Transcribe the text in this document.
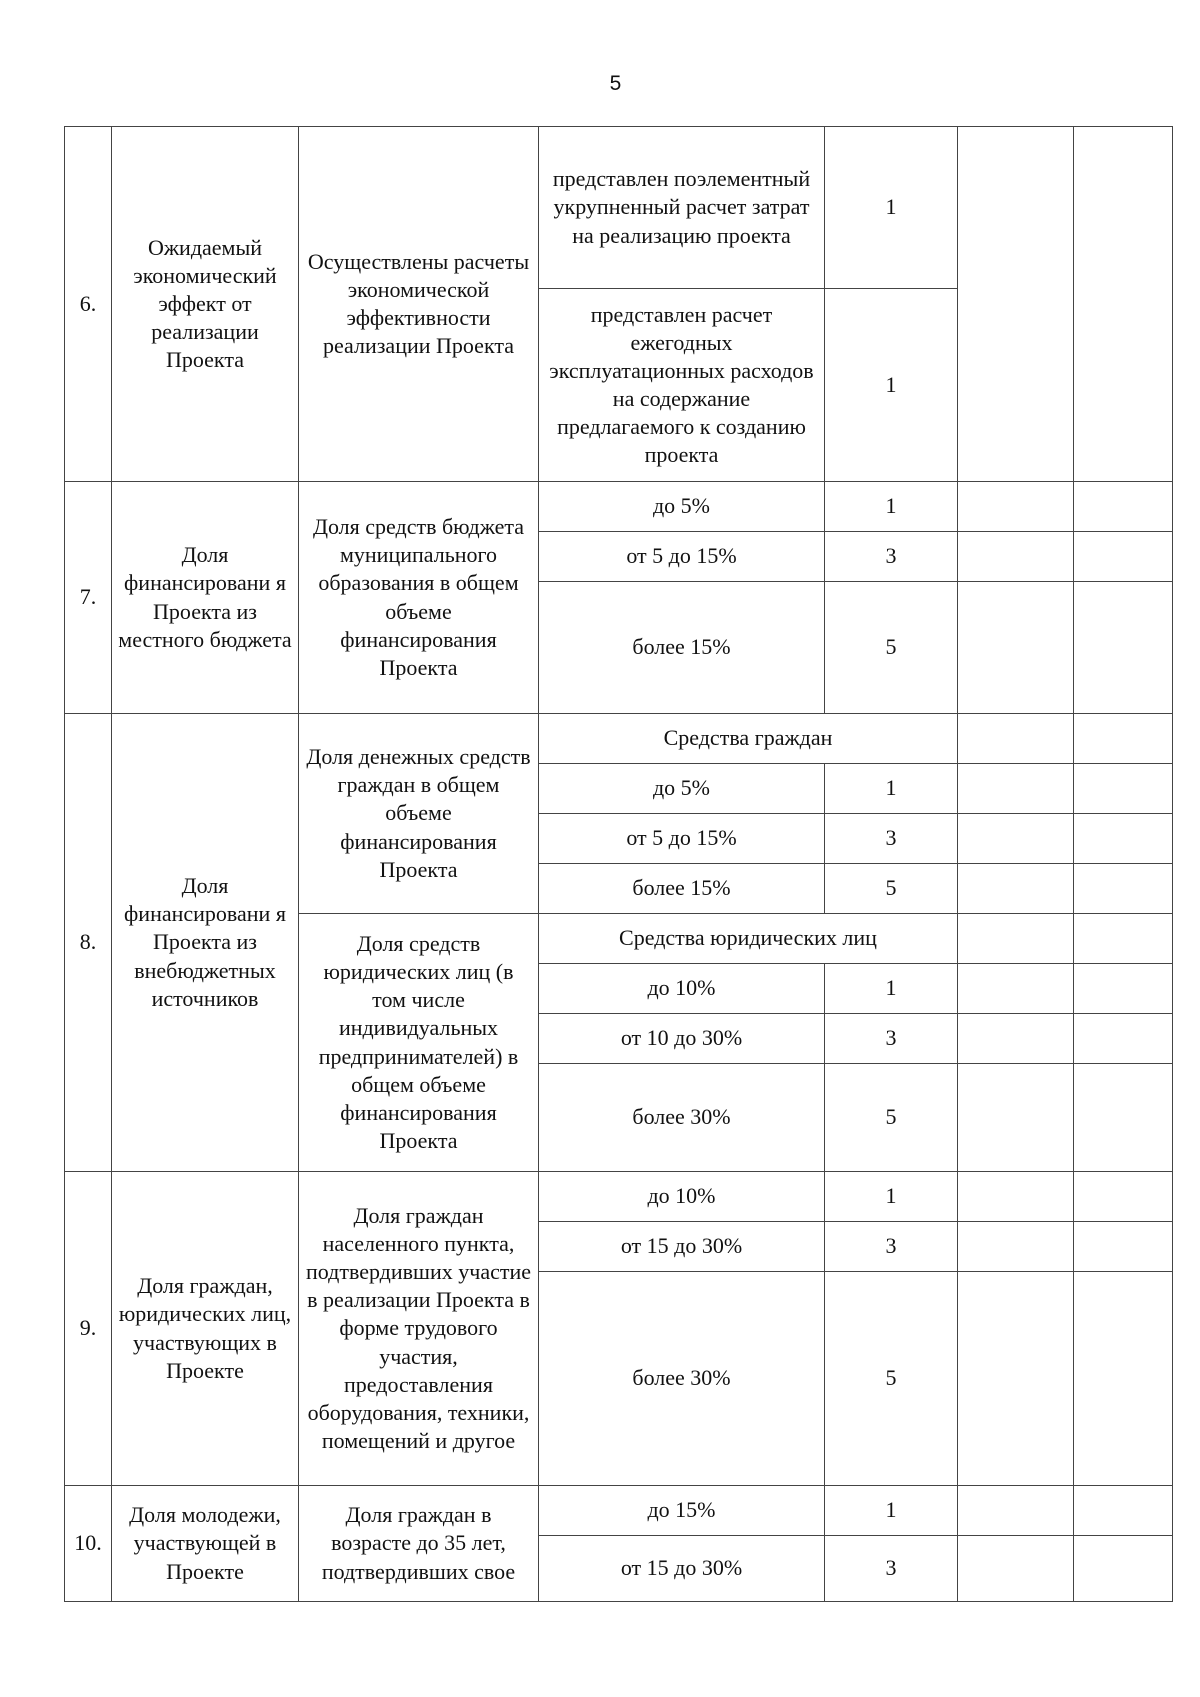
5
6.	Ожидаемый экономический эффект от реализации Проекта	Осуществлены расчеты экономической эффективности реализации Проекта	представлен поэлементный укрупненный расчет затрат на реализацию проекта	1		
			представлен расчет ежегодных эксплуатационных расходов на содержание предлагаемого к созданию проекта	1		
7.	Доля финансировани я Проекта из местного бюджета	Доля средств бюджета муниципального образования в общем объеме финансирования Проекта	до 5%	1		
			от 5 до 15%	3		
			более 15%	5		
8.	Доля финансировани я Проекта из внебюджетных источников	Доля денежных средств граждан в общем объеме финансирования Проекта	Средства граждан			
			до 5%	1		
			от 5 до 15%	3		
			более 15%	5		
		Доля средств юридических лиц (в том числе индивидуальных предпринимателей) в общем объеме финансирования Проекта	Средства юридических лиц			
			до 10%	1		
			от 10 до 30%	3		
			более 30%	5		
9.	Доля граждан, юридических лиц, участвующих в Проекте	Доля граждан населенного пункта, подтвердивших участие в реализации Проекта в форме трудового участия, предоставления оборудования, техники, помещений и другое	до 10%	1		
			от 15 до 30%	3		
			более 30%	5		
10.	Доля молодежи, участвующей в Проекте	Доля граждан в возрасте до 35 лет, подтвердивших свое	до 15%	1		
			от 15 до 30%	3		
